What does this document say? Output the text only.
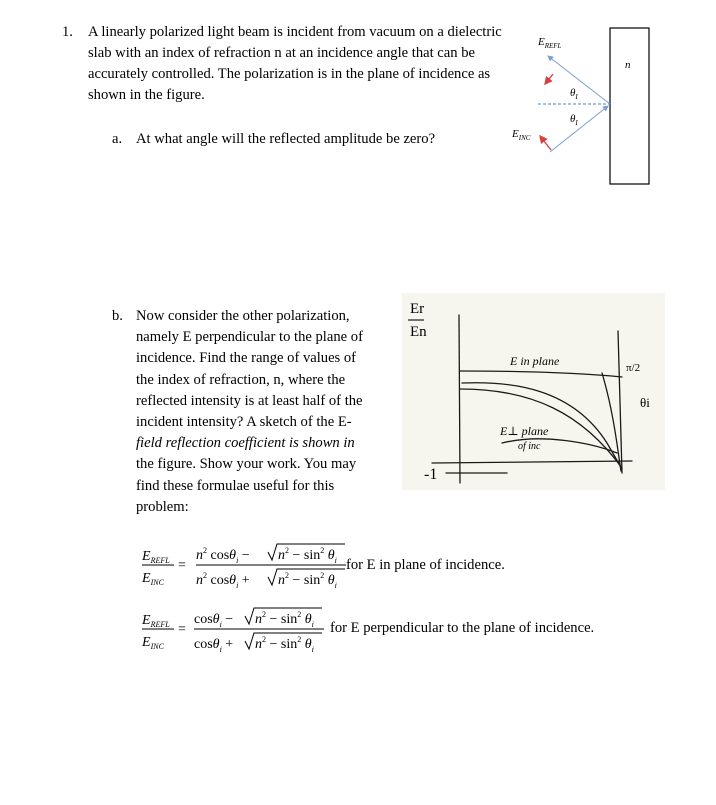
1. A linearly polarized light beam is incident from vacuum on a dielectric slab with an index of refraction n at an incidence angle that can be accurately controlled. The polarization is in the plane of incidence as shown in the figure.
n
$E_{REFL}$
$E_{INC}$
$\theta_I$
$\theta_I$
a. At what angle will the reflected amplitude be zero?
b. Now consider the other polarization,
namely E perpendicular to the plane of
incidence. Find the range of values of
the index of refraction, n, where the
reflected intensity is at least half of the
incident intensity? A sketch of the E-
field reflection coefficient is shown in
the figure. Show your work. You may
find these formulae useful for this
problem:
Er
En
E in plane
E⊥ plane
of inc
π/2
θi
-1
$E_{REFL}$
$E_{INC}$
=
$n^2$ $\cos\theta_i - n^2 - \sin^2 \theta_i$
$n^2$ $\cos\theta_i + n^2 - \sin^2 \theta_i$
for E in plane of incidence.
$E_{REFL}$
$E_{INC}$
=
$\cos\theta_i - n^2 - \sin^2 \theta_i$
$\cos\theta_i + n^2 - \sin^2 \theta_i$
for E perpendicular to the plane of incidence.
